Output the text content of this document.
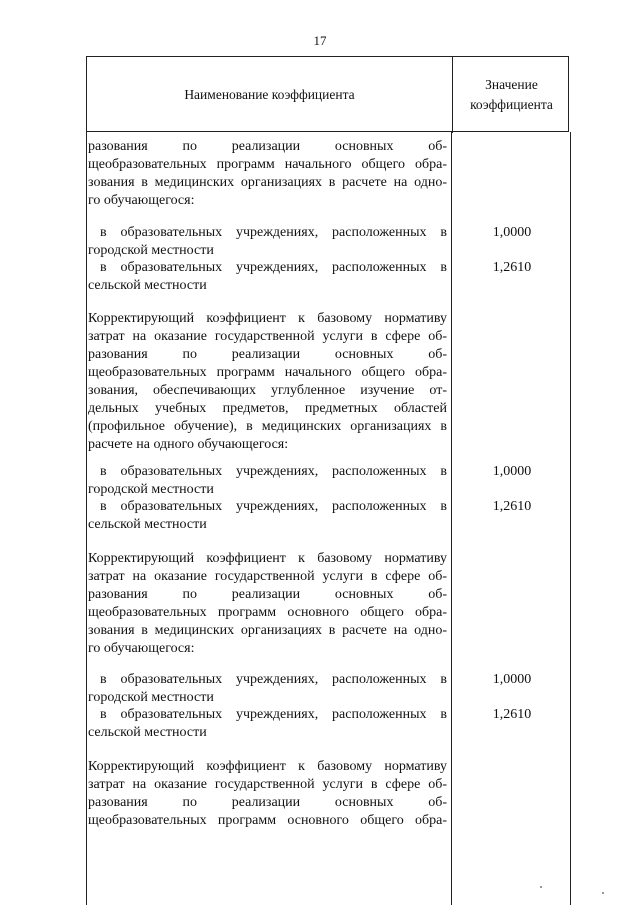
17
Наименование коэффициента
Значение
коэффициента
разования по реализации основных об-
щеобразовательных программ начального общего обра-
зования в медицинских организациях в расчете на одно-
го обучающегося:
в образовательных учреждениях, расположенных в
городской местности
1,0000
в образовательных учреждениях, расположенных в
сельской местности
1,2610
Корректирующий коэффициент к базовому нормативу
затрат на оказание государственной услуги в сфере об-
разования по реализации основных об-
щеобразовательных программ начального общего обра-
зования, обеспечивающих углубленное изучение от-
дельных учебных предметов, предметных областей
(профильное обучение), в медицинских организациях в
расчете на одного обучающегося:
в образовательных учреждениях, расположенных в
городской местности
1,0000
в образовательных учреждениях, расположенных в
сельской местности
1,2610
Корректирующий коэффициент к базовому нормативу
затрат на оказание государственной услуги в сфере об-
разования по реализации основных об-
щеобразовательных программ основного общего обра-
зования в медицинских организациях в расчете на одно-
го обучающегося:
в образовательных учреждениях, расположенных в
городской местности
1,0000
в образовательных учреждениях, расположенных в
сельской местности
1,2610
Корректирующий коэффициент к базовому нормативу
затрат на оказание государственной услуги в сфере об-
разования по реализации основных об-
щеобразовательных программ основного общего обра-
